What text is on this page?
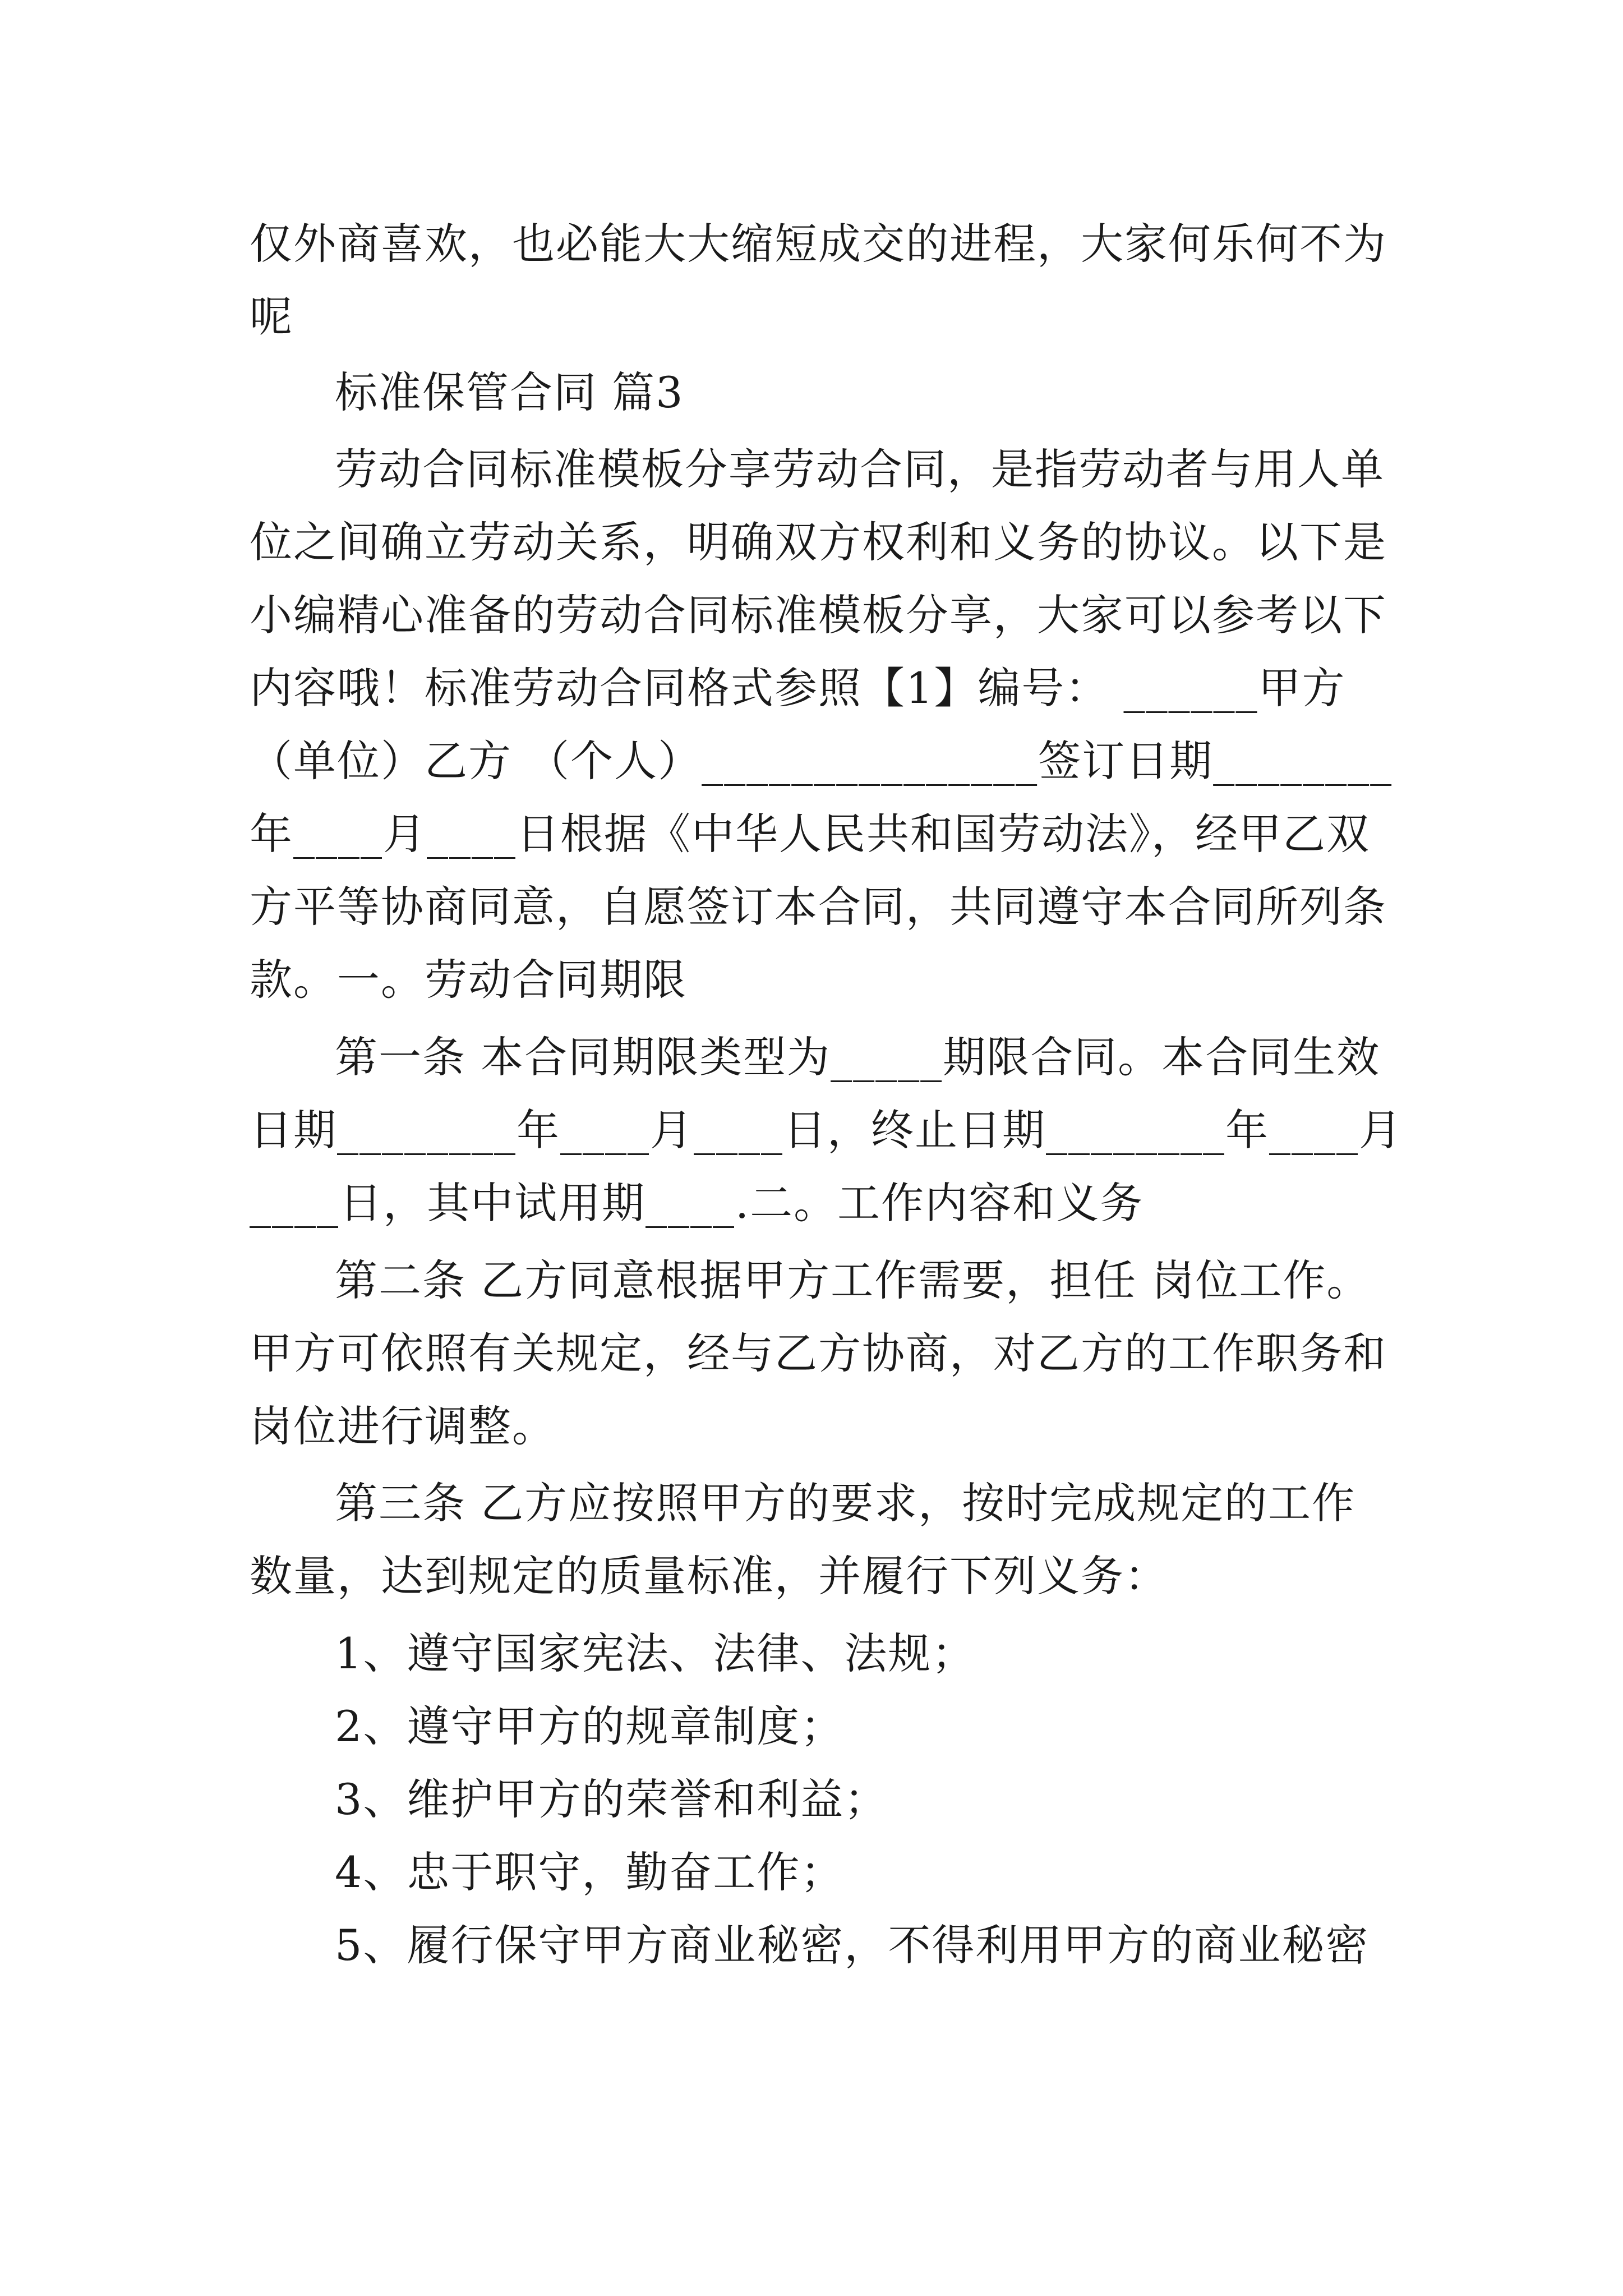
仅外商喜欢，也必能大大缩短成交的进程，大家何乐何不为
呢
标准保管合同 篇3
劳动合同标准模板分享劳动合同，是指劳动者与用人单
位之间确立劳动关系，明确双方权利和义务的协议。以下是
小编精心准备的劳动合同标准模板分享，大家可以参考以下
内容哦！标准劳动合同格式参照【1】编号： ______甲方
（单位）乙方 （个人）_______________签订日期________
年____月____日根据《中华人民共和国劳动法》，经甲乙双
方平等协商同意，自愿签订本合同，共同遵守本合同所列条
款。一。劳动合同期限
第一条 本合同期限类型为_____期限合同。本合同生效
日期________年____月____日，终止日期________年____月
____日，其中试用期____.二。工作内容和义务
第二条 乙方同意根据甲方工作需要，担任 岗位工作。
甲方可依照有关规定，经与乙方协商，对乙方的工作职务和
岗位进行调整。
第三条 乙方应按照甲方的要求，按时完成规定的工作
数量，达到规定的质量标准，并履行下列义务：
1、遵守国家宪法、法律、法规；
2、遵守甲方的规章制度；
3、维护甲方的荣誉和利益；
4、忠于职守，勤奋工作；
5、履行保守甲方商业秘密，不得利用甲方的商业秘密
